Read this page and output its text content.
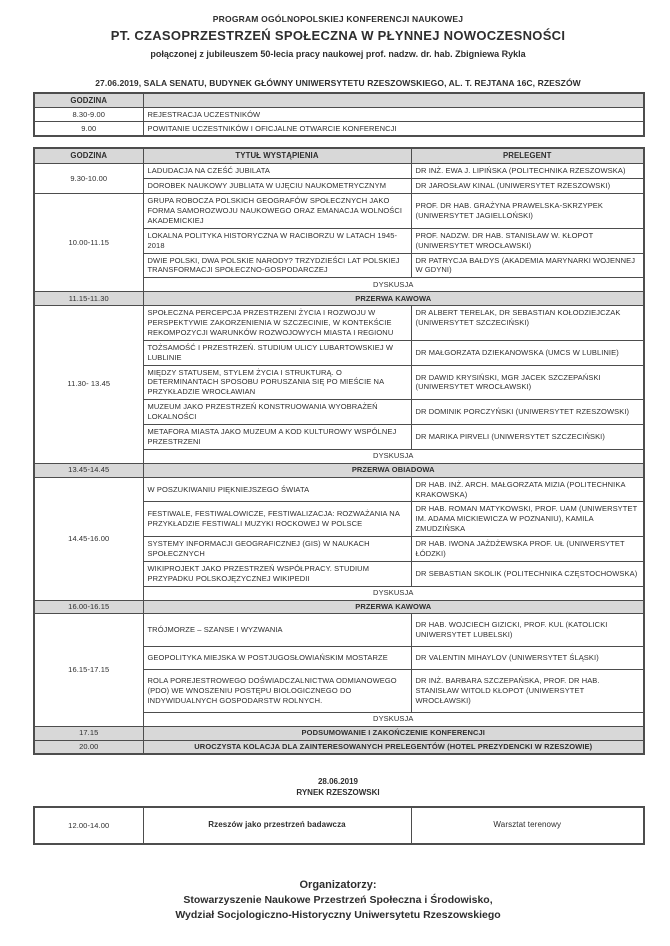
PROGRAM OGÓLNOPOLSKIEJ KONFERENCJI NAUKOWEJ
PT. CZASOPRZESTRZEŃ SPOŁECZNA W PŁYNNEJ NOWOCZESNOŚCI
połączonej z jubileuszem 50-lecia pracy naukowej prof. nadzw. dr. hab. Zbigniewa Rykla
27.06.2019, SALA SENATU, BUDYNEK GŁÓWNY UNIWERSYTETU RZESZOWSKIEGO, AL. T. REJTANA 16C, RZESZÓW
GODZINA	
8.30-9.00	REJESTRACJA UCZESTNIKÓW
9.00	POWITANIE UCZESTNIKÓW I OFICJALNE OTWARCIE KONFERENCJI
GODZINA	TYTUŁ WYSTĄPIENIA	PRELEGENT
9.30-10.00	LADUDACJA NA CZEŚĆ JUBILATA	DR INŻ. EWA J. LIPIŃSKA (POLITECHNIKA RZESZOWSKA)
	DOROBEK NAUKOWY JUBLIATA W UJĘCIU NAUKOMETRYCZNYM	DR JAROSŁAW KINAL (UNIWERSYTET RZESZOWSKI)
10.00-11.15	GRUPA ROBOCZA POLSKICH GEOGRAFÓW SPOŁECZNYCH JAKO FORMA SAMOROZWOJU NAUKOWEGO ORAZ EMANACJA WOLNOŚCI AKADEMICKIEJ	PROF. DR HAB. GRAŻYNA PRAWELSKA-SKRZYPEK (UNIWERSYTET JAGIELLOŃSKI)
	LOKALNA POLITYKA HISTORYCZNA W RACIBORZU W LATACH 1945-2018	PROF. NADZW. DR HAB. STANISŁAW W. KŁOPOT (UNIWERSYTET WROCŁAWSKI)
	DWIE POLSKI, DWA POLSKIE NARODY? TRZYDZIEŚCI LAT POLSKIEJ TRANSFORMACJI SPOŁECZNO-GOSPODARCZEJ	DR PATRYCJA BAŁDYS (AKADEMIA MARYNARKI WOJENNEJ W GDYNI)
	DYSKUSJA	
11.15-11.30	PRZERWA KAWOWA	
11.30- 13.45	SPOŁECZNA PERCEPCJA PRZESTRZENI ŻYCIA I ROZWOJU W PERSPEKTYWIE ZAKORZENIENIA W SZCZECINIE, W KONTEKŚCIE REKOMPOZYCJI WARUNKÓW ROZWOJOWYCH MIASTA I REGIONU	DR ALBERT TERELAK, DR SEBASTIAN KOŁODZIEJCZAK (UNIWERSYTET SZCZECIŃSKI)
	TOŻSAMOŚĆ I PRZESTRZEŃ. STUDIUM ULICY LUBARTOWSKIEJ W LUBLINIE	DR MAŁGORZATA DZIEKANOWSKA (UMCS W LUBLINIE)
	MIĘDZY STATUSEM, STYLEM ŻYCIA I STRUKTURĄ. O DETERMINANTACH SPOSOBU PORUSZANIA SIĘ PO MIEŚCIE NA PRZYKŁADZIE WROCŁAWIAN	DR DAWID KRYSIŃSKI, MGR JACEK SZCZEPAŃSKI (UNIWERSYTET WROCŁAWSKI)
	MUZEUM JAKO PRZESTRZEŃ KONSTRUOWANIA WYOBRAŻEŃ LOKALNOŚCI	DR DOMINIK PORCZYŃSKI (UNIWERSYTET RZESZOWSKI)
	METAFORA MIASTA JAKO MUZEUM A KOD KULTUROWY WSPÓLNEJ PRZESTRZENI	DR MARIKA PIRVELI (UNIWERSYTET SZCZECIŃSKI)
	DYSKUSJA	
13.45-14.45	PRZERWA OBIADOWA	
14.45-16.00	W POSZUKIWANIU PIĘKNIEJSZEGO ŚWIATA	DR HAB. INŻ. ARCH. MAŁGORZATA MIZIA (POLITECHNIKA KRAKOWSKA)
	FESTIWALE, FESTIWALOWICZE, FESTIWALIZACJA: ROZWAŻANIA NA PRZYKŁADZIE FESTIWALI MUZYKI ROCKOWEJ W POLSCE	DR HAB. ROMAN MATYKOWSKI, PROF. UAM (UNIWERSYTET IM. ADAMA MICKIEWICZA W POZNANIU), KAMILA ZMUDZIŃSKA
	SYSTEMY INFORMACJI GEOGRAFICZNEJ (GIS) W NAUKACH SPOŁECZNYCH	DR HAB. IWONA JAŻDŻEWSKA PROF. UŁ (UNIWERSYTET ŁÓDZKI)
	WIKIPROJEKT JAKO PRZESTRZEŃ WSPÓŁPRACY. STUDIUM PRZYPADKU POLSKOJĘZYCZNEJ WIKIPEDII	DR SEBASTIAN SKOLIK (POLITECHNIKA CZĘSTOCHOWSKA)
	DYSKUSJA	
16.00-16.15	PRZERWA KAWOWA	
16.15-17.15	TRÓJMORZE – SZANSE I WYZWANIA	DR HAB. WOJCIECH GIZICKI, PROF. KUL (KATOLICKI UNIWERSYTET LUBELSKI)
	GEOPOLITYKA MIEJSKA W POSTJUGOSŁOWIAŃSKIM MOSTARZE	DR VALENTIN MIHAYLOV (UNIWERSYTET ŚLĄSKI)
	ROLA POREJESTROWEGO DOŚWIADCZALNICTWA ODMIANOWEGO (PDO) WE WNOSZENIU POSTĘPU BIOLOGICZNEGO DO INDYWIDUALNYCH GOSPODARSTW ROLNYCH.	DR INŻ. BARBARA SZCZEPAŃSKA, PROF. DR HAB. STANISŁAW WITOLD KŁOPOT (UNIWERSYTET WROCŁAWSKI)
	DYSKUSJA	
17.15	PODSUMOWANIE I ZAKOŃCZENIE KONFERENCJI	
20.00	UROCZYSTA KOLACJA DLA ZAINTERESOWANYCH PRELEGENTÓW (HOTEL PREZYDENCKI W RZESZOWIE)	
28.06.2019
RYNEK RZESZOWSKI
12.00-14.00	Rzeszów jako przestrzeń badawcza	Warsztat terenowy
Organizatorzy:
Stowarzyszenie Naukowe Przestrzeń Społeczna i Środowisko,
Wydział Socjologiczno-Historyczny Uniwersytetu Rzeszowskiego
